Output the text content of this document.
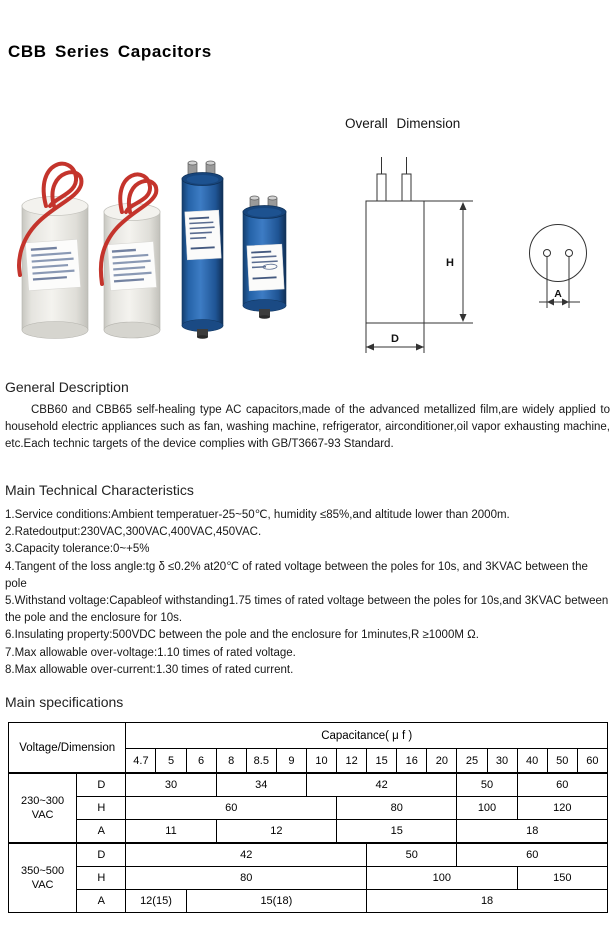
CBB Series Capacitors
Overall Dimension
H
D
A
General Description

CBB60 and CBB65 self-healing type AC capacitors,made of the advanced metallized film,are widely applied to household electric appliances such as fan, washing machine, refrigerator, airconditioner,oil vapor exhausting machine, etc.Each technic targets of the device complies with GB/T3667-93 Standard.

Main Technical Characteristics
1.Service conditions:Ambient temperatuer-25~50℃, humidity ≤85%,and altitude lower than 2000m.
2.Ratedoutput:230VAC,300VAC,400VAC,450VAC.
3.Capacity tolerance:0~+5%
4.Tangent of the loss angle:tg δ ≤0.2% at20℃ of rated voltage between the poles for 10s, and 3KVAC between the pole
5.Withstand voltage:Capableof withstanding1.75 times of rated voltage between the poles for 10s,and 3KVAC between the pole and the enclosure for 10s.
6.Insulating property:500VDC between the pole and the enclosure for 1minutes,R ≥1000M Ω.
7.Max allowable over-voltage:1.10 times of rated voltage.
8.Max allowable over-current:1.30 times of rated current.
Main specifications
Voltage/Dimension		Capacitance( μ f )															
		4.7	5	6	8	8.5	9	10	12	15	16	20	25	30	40	50	60

230~300
VAC	D	30			34			42					50		60		
	H	60							80				100		120		
	A	11			12				15				18				

350~500
VAC	D	42								50			60				
	H	80								100					150		
	A	12(15)		15(18)						18							
